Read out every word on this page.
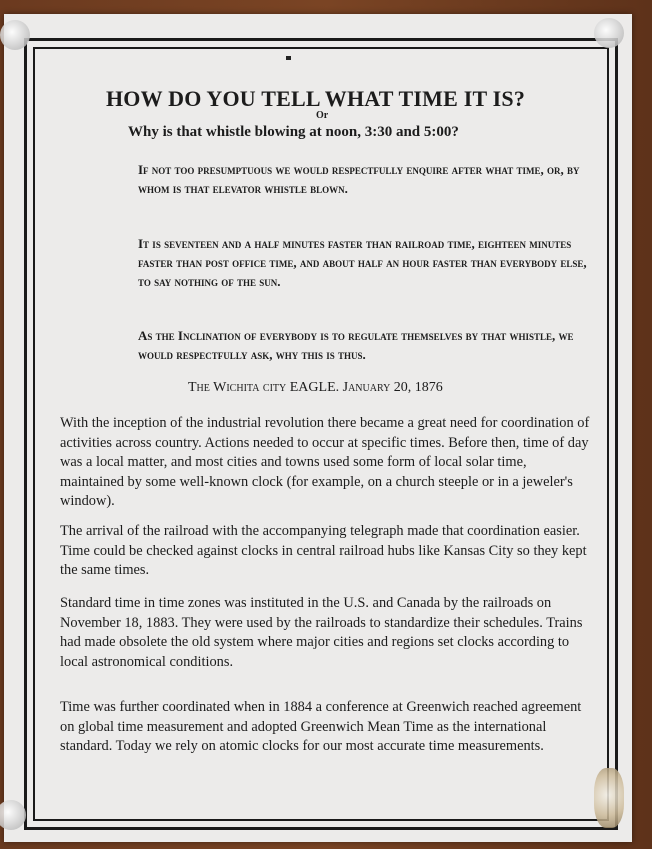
HOW DO YOU TELL WHAT TIME IT IS?
Or
Why is that whistle blowing at noon, 3:30 and 5:00?

If not too presumptuous we would respectfully enquire after what time, or, by whom is that elevator whistle blown.

It is seventeen and a half minutes faster than railroad time, eighteen minutes faster than post office time, and about half an hour faster than everybody else, to say nothing of the sun.

As the Inclination of everybody is to regulate themselves by that whistle, we would respectfully ask, why this is thus.

The Wichita city EAGLE. January 20, 1876

With the inception of the industrial revolution there became a great need for coordination of activities across country. Actions needed to occur at specific times. Before then, time of day was a local matter, and most cities and towns used some form of local solar time, maintained by some well-known clock (for example, on a church steeple or in a jeweler's window).

The arrival of the railroad with the accompanying telegraph made that coordination easier. Time could be checked against clocks in central railroad hubs like Kansas City so they kept the same times.

Standard time in time zones was instituted in the U.S. and Canada by the railroads on November 18, 1883. They were used by the railroads to standardize their schedules. Trains had made obsolete the old system where major cities and regions set clocks according to local astronomical conditions.

Time was further coordinated when in 1884 a conference at Greenwich reached agreement on global time measurement and adopted Greenwich Mean Time as the international standard. Today we rely on atomic clocks for our most accurate time measurements.
